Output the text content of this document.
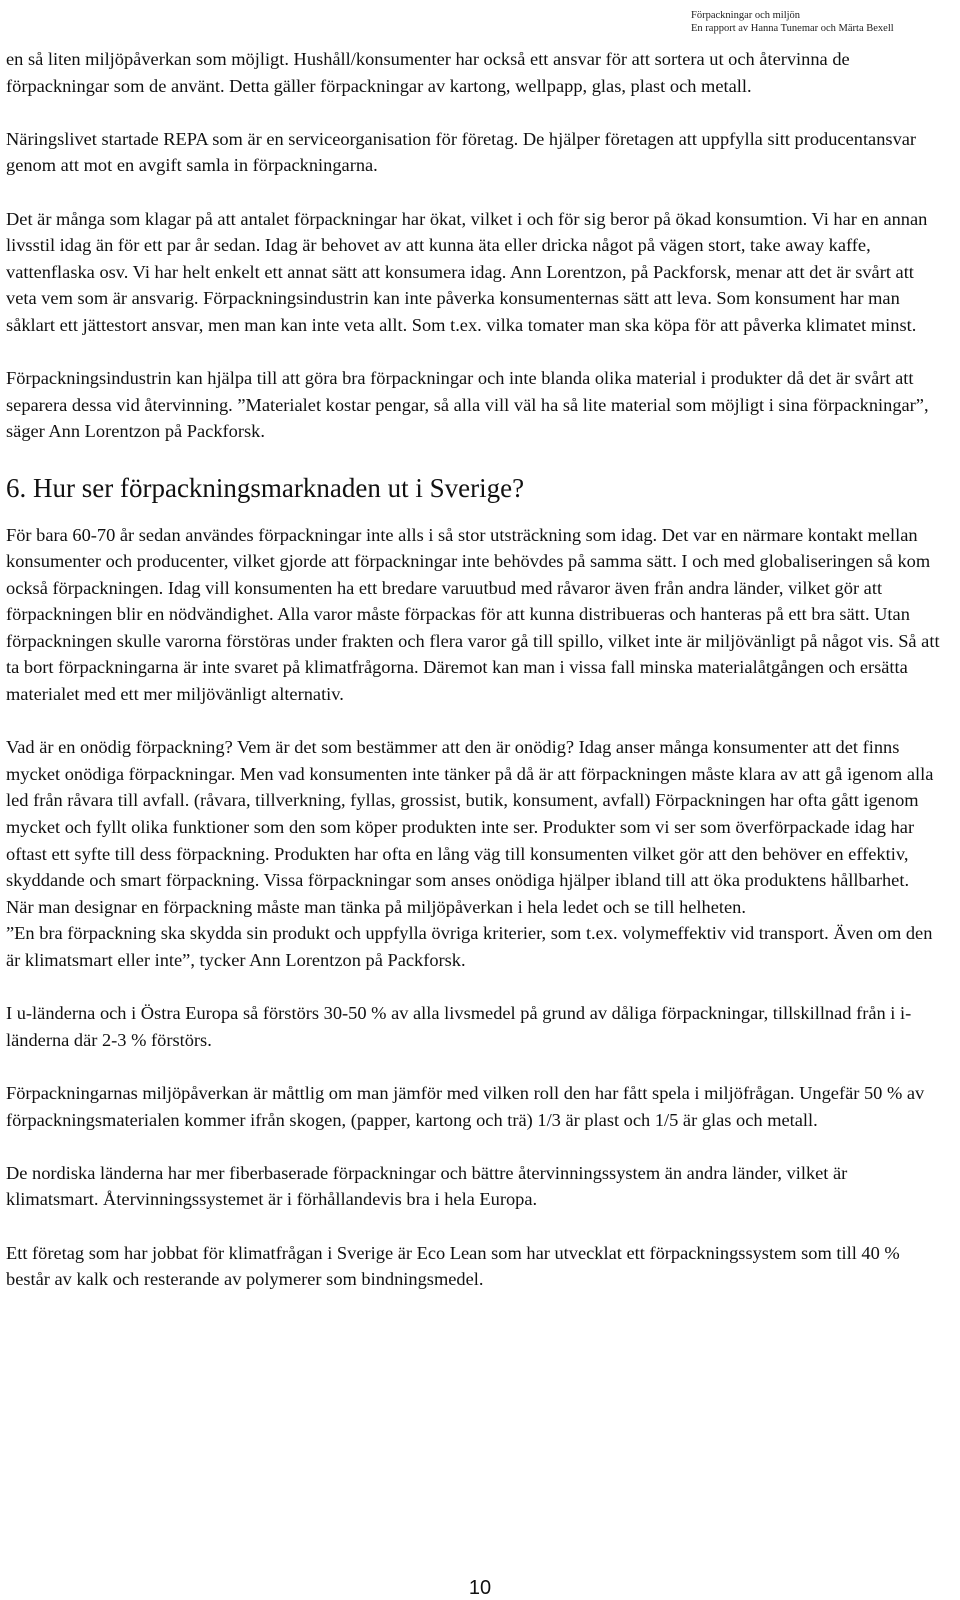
Förpackningar och miljön
En rapport av Hanna Tunemar och Märta Bexell

en så liten miljöpåverkan som möjligt. Hushåll/konsumenter har också ett ansvar för att sortera ut och återvinna de förpackningar som de använt. Detta gäller förpackningar av kartong, wellpapp, glas, plast och metall.

Näringslivet startade REPA som är en serviceorganisation för företag. De hjälper företagen att uppfylla sitt producentansvar genom att mot en avgift samla in förpackningarna.

Det är många som klagar på att antalet förpackningar har ökat, vilket i och för sig beror på ökad konsumtion. Vi har en annan livsstil idag än för ett par år sedan. Idag är behovet av att kunna äta eller dricka något på vägen stort, take away kaffe, vattenflaska osv. Vi har helt enkelt ett annat sätt att konsumera idag. Ann Lorentzon, på Packforsk, menar att det är svårt att veta vem som är ansvarig. Förpackningsindustrin kan inte påverka konsumenternas sätt att leva. Som konsument har man såklart ett jättestort ansvar, men man kan inte veta allt. Som t.ex. vilka tomater man ska köpa för att påverka klimatet minst.

Förpackningsindustrin kan hjälpa till att göra bra förpackningar och inte blanda olika material i produkter då det är svårt att separera dessa vid återvinning. ”Materialet kostar pengar, så alla vill väl ha så lite material som möjligt i sina förpackningar”, säger Ann Lorentzon på Packforsk.

6. Hur ser förpackningsmarknaden ut i Sverige?

För bara 60-70 år sedan användes förpackningar inte alls i så stor utsträckning som idag. Det var en närmare kontakt mellan konsumenter och producenter, vilket gjorde att förpackningar inte behövdes på samma sätt. I och med globaliseringen så kom också förpackningen. Idag vill konsumenten ha ett bredare varuutbud med råvaror även från andra länder, vilket gör att förpackningen blir en nödvändighet. Alla varor måste förpackas för att kunna distribueras och hanteras på ett bra sätt. Utan förpackningen skulle varorna förstöras under frakten och flera varor gå till spillo, vilket inte är miljövänligt på något vis. Så att ta bort förpackningarna är inte svaret på klimatfrågorna. Däremot kan man i vissa fall minska materialåtgången och ersätta materialet med ett mer miljövänligt alternativ.

Vad är en onödig förpackning? Vem är det som bestämmer att den är onödig? Idag anser många konsumenter att det finns mycket onödiga förpackningar. Men vad konsumenten inte tänker på då är att förpackningen måste klara av att gå igenom alla led från råvara till avfall. (råvara, tillverkning, fyllas, grossist, butik, konsument, avfall) Förpackningen har ofta gått igenom mycket och fyllt olika funktioner som den som köper produkten inte ser. Produkter som vi ser som överförpackade idag har oftast ett syfte till dess förpackning. Produkten har ofta en lång väg till konsumenten vilket gör att den behöver en effektiv, skyddande och smart förpackning. Vissa förpackningar som anses onödiga hjälper ibland till att öka produktens hållbarhet. När man designar en förpackning måste man tänka på miljöpåverkan i hela ledet och se till helheten.

”En bra förpackning ska skydda sin produkt och uppfylla övriga kriterier, som t.ex. volymeffektiv vid transport. Även om den är klimatsmart eller inte”, tycker Ann Lorentzon på Packforsk.

I u-länderna och i Östra Europa så förstörs 30-50 % av alla livsmedel på grund av dåliga förpackningar, tillskillnad från i i-länderna där 2-3 % förstörs.

Förpackningarnas miljöpåverkan är måttlig om man jämför med vilken roll den har fått spela i miljöfrågan. Ungefär 50 % av förpackningsmaterialen kommer ifrån skogen, (papper, kartong och trä) 1/3 är plast och 1/5 är glas och metall.

De nordiska länderna har mer fiberbaserade förpackningar och bättre återvinningssystem än andra länder, vilket är klimatsmart. Återvinningssystemet är i förhållandevis bra i hela Europa.

Ett företag som har jobbat för klimatfrågan i Sverige är Eco Lean som har utvecklat ett förpackningssystem som till 40 % består av kalk och resterande av polymerer som bindningsmedel.

10
